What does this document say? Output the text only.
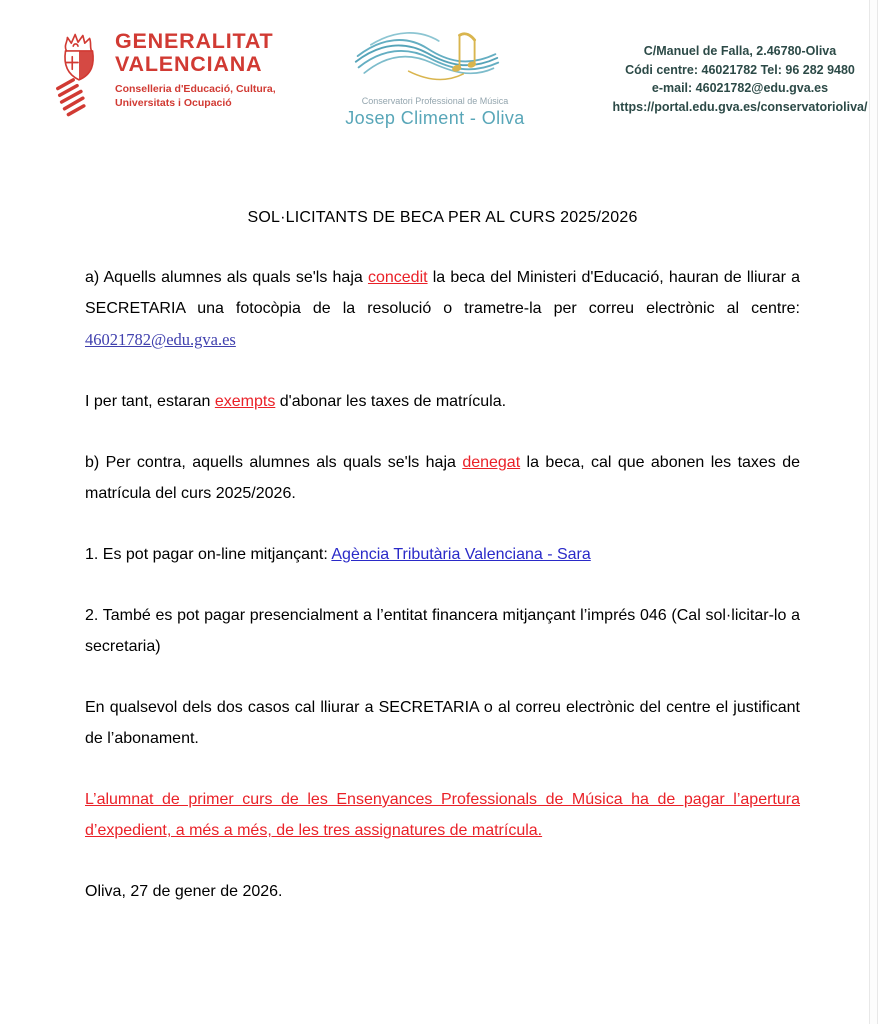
GENERALITAT
VALENCIANA
Conselleria d'Educació, Cultura,
Universitats i Ocupació	Conservatori Professional de Música
Josep Climent - Oliva
C/Manuel de Falla, 2.46780-Oliva
Códi centre: 46021782 Tel: 96 282 9480
e-mail: 46021782@edu.gva.es
https://portal.edu.gva.es/conservatorioliva/
SOL·LICITANTS DE BECA PER AL CURS 2025/2026

a) Aquells alumnes als quals se'ls haja concedit la beca del Ministeri d'Educació, hauran de lliurar a SECRETARIA una fotocòpia de la resolució o trametre-la per correu electrònic al centre: 46021782@edu.gva.es

I per tant, estaran exempts d'abonar les taxes de matrícula.

b) Per contra, aquells alumnes als quals se'ls haja denegat la beca, cal que abonen les taxes de matrícula del curs 2025/2026.

1. Es pot pagar on-line mitjançant: Agència Tributària Valenciana - Sara

2. També es pot pagar presencialment a l’entitat financera mitjançant l’imprés 046 (Cal sol·licitar-lo a secretaria)

En qualsevol dels dos casos cal lliurar a SECRETARIA o al correu electrònic del centre el justificant de l’abonament.

L’alumnat de primer curs de les Ensenyances Professionals de Música ha de pagar l’apertura d’expedient, a més a més, de les tres assignatures de matrícula.

Oliva, 27 de gener de 2026.
